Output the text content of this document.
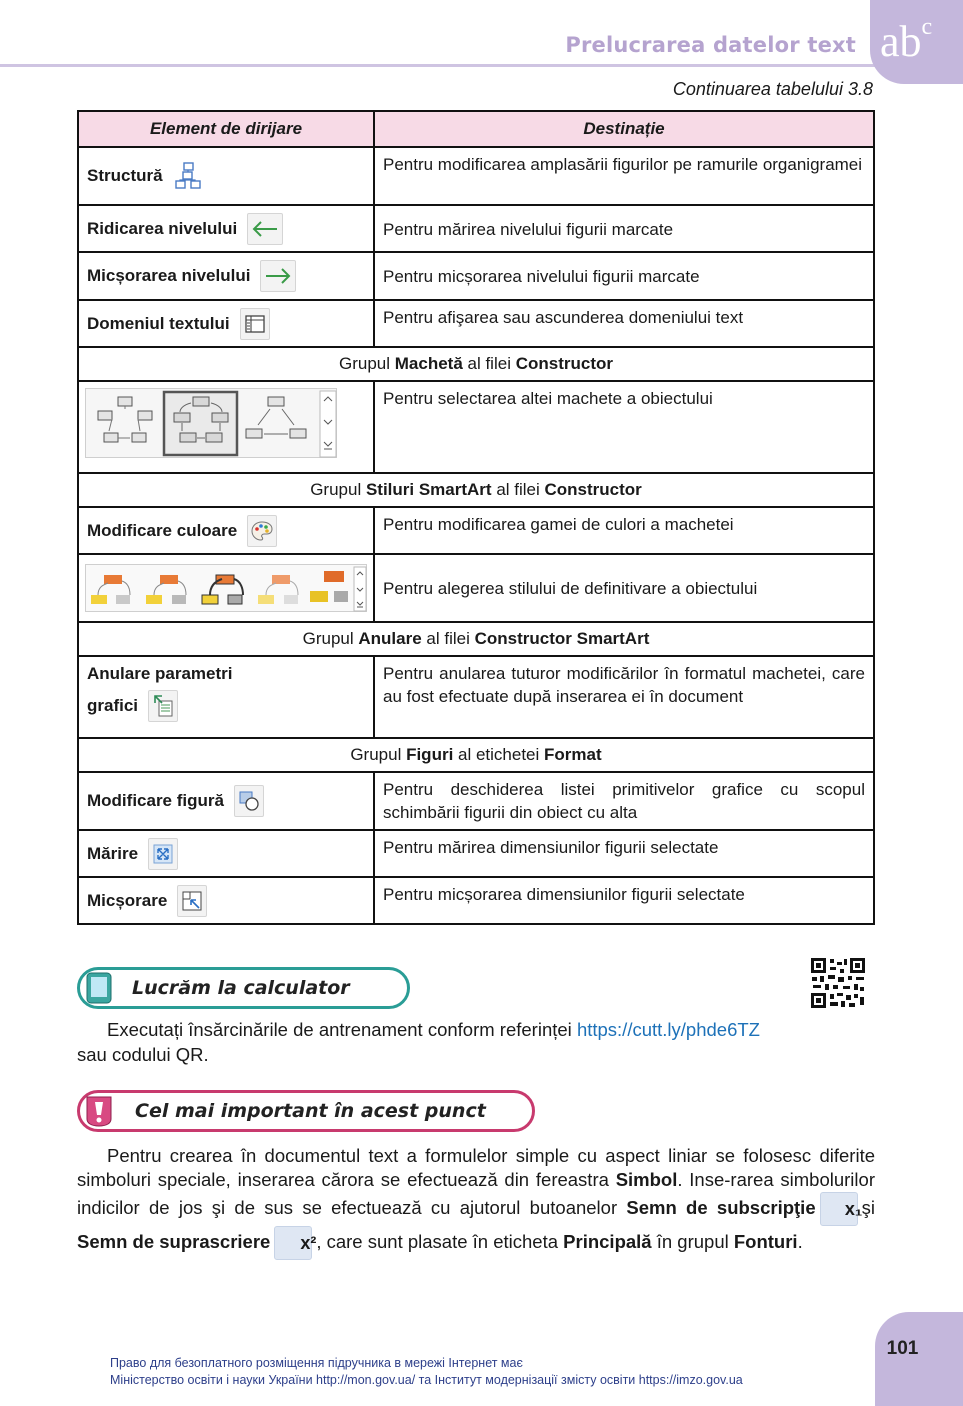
Prelucrarea datelor text $ab^c$
Continuarea tabelului 3.8
Element de dirijare	Destinație

Structură	Pentru modificarea amplasării figurilor pe ramurile organigramei

Ridicarea nivelului	Pentru mărirea nivelului figurii marcate

Micșorarea nivelului	Pentru micșorarea nivelului figurii marcate

Domeniul textului	Pentru afişarea sau ascunderea domeniului text
Grupul Machetă al filei Constructor	

	Pentru selectarea altei machete a obiectului
Grupul Stiluri SmartArt al filei Constructor	

Modificare culoare	Pentru modificarea gamei de culori a machetei

	Pentru alegerea stilului de definitivare a obiectului
Grupul Anulare al filei Constructor SmartArt	

Anulare parametri
grafici	Pentru anularea tuturor modificărilor în formatul machetei, care au fost efectuate după inserarea ei în document
Grupul Figuri al etichetei Format	

Modificare figură	Pentru deschiderea listei primitivelor grafice cu scopul schimbării figurii din obiect cu alta

Mărire	Pentru mărirea dimensiunilor figurii selectate

Micșorare	Pentru micșorarea dimensiunilor figurii selectate
Lucrăm la calculator
Executați însărcinările de antrenament conform referinței https://cutt.ly/phde6TZ
sau codului QR.
Cel mai important în acest punct
Pentru crearea în documentul text a formulelor simple cu aspect liniar se folosesc diferite simboluri speciale, inserarea cărora se efectuează din fereastra Simbol. Inse-rarea simbolurilor indicilor de jos şi de sus se efectuează cu ajutorul butoanelor Semn de subscripţie	x₁ şi Semn de suprascriere	x² , care sunt plasate în eticheta Principală în grupul Fonturi.
101
Право для безоплатного розміщення підручника в мережі Інтернет має
Міністерство освіти і науки України http://mon.gov.ua/ та Інститут модернізації змісту освіти https://imzo.gov.ua
